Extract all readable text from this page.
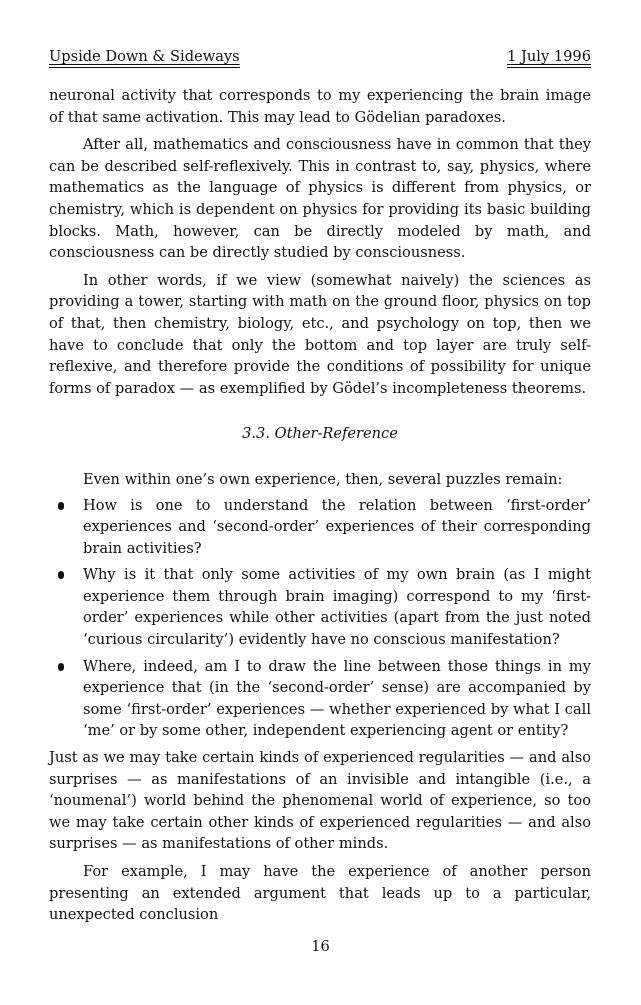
Upside Down & Sideways	1 July 1996

neuronal activity that corresponds to my experiencing the brain image of that same activation. This may lead to Gödelian paradoxes.

After all, mathematics and consciousness have in common that they can be described self-reflexively. This in contrast to, say, physics, where mathematics as the language of physics is different from physics, or chemistry, which is dependent on physics for providing its basic building blocks. Math, however, can be directly modeled by math, and consciousness can be directly studied by consciousness.

In other words, if we view (somewhat naively) the sciences as providing a tower, starting with math on the ground floor, physics on top of that, then chemistry, biology, etc., and psychology on top, then we have to conclude that only the bottom and top layer are truly self-reflexive, and therefore provide the conditions of possibility for unique forms of paradox — as exemplified by Gödel’s incompleteness theorems.

3.3. Other-Reference

Even within one’s own experience, then, several puzzles remain:

How is one to understand the relation between ‘first-order’ experiences and ‘second-order’ experiences of their corresponding brain activities?
Why is it that only some activities of my own brain (as I might experience them through brain imaging) correspond to my ‘first-order’ experiences while other activities (apart from the just noted ‘curious circularity’) evidently have no conscious manifestation?
Where, indeed, am I to draw the line between those things in my experience that (in the ‘second-order’ sense) are accompanied by some ‘first-order’ experiences — whether experienced by what I call ‘me’ or by some other, independent experiencing agent or entity?

Just as we may take certain kinds of experienced regularities — and also surprises — as manifestations of an invisible and intangible (i.e., a ‘noumenal’) world behind the phenomenal world of experience, so too we may take certain other kinds of experienced regularities — and also surprises — as manifestations of other minds.

For example, I may have the experience of another person presenting an extended argument that leads up to a particular, unexpected conclusion

16
